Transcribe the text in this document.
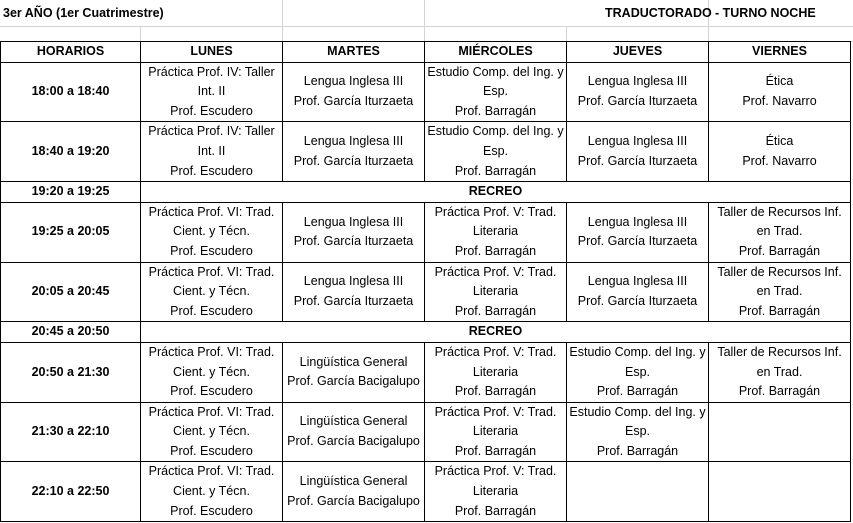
3er AÑO (1er Cuatrimestre)	TRADUCTORADO - TURNO NOCHE
HORARIOS	LUNES	MARTES	MIÉRCOLES	JUEVES	VIERNES
18:00 a 18:40	Práctica Prof. IV: Taller
Int. II
Prof. Escudero	Lengua Inglesa III
Prof. García Iturzaeta	Estudio Comp. del Ing. y
Esp.
Prof. Barragán	Lengua Inglesa III
Prof. García Iturzaeta	Ética
Prof. Navarro

18:40 a 19:20	Práctica Prof. IV: Taller
Int. II
Prof. Escudero	Lengua Inglesa III
Prof. García Iturzaeta	Estudio Comp. del Ing. y
Esp.
Prof. Barragán	Lengua Inglesa III
Prof. García Iturzaeta	Ética
Prof. Navarro

19:20 a 19:25	RECREO				
19:25 a 20:05	Práctica Prof. VI: Trad.
Cient. y Técn.
Prof. Escudero	Lengua Inglesa III
Prof. García Iturzaeta	Práctica Prof. V: Trad.
Literaria
Prof. Barragán	Lengua Inglesa III
Prof. García Iturzaeta	Taller de Recursos Inf.
en Trad.
Prof. Barragán

20:05 a 20:45	Práctica Prof. VI: Trad.
Cient. y Técn.
Prof. Escudero	Lengua Inglesa III
Prof. García Iturzaeta	Práctica Prof. V: Trad.
Literaria
Prof. Barragán	Lengua Inglesa III
Prof. García Iturzaeta	Taller de Recursos Inf.
en Trad.
Prof. Barragán

20:45 a 20:50	RECREO				
20:50 a 21:30	Práctica Prof. VI: Trad.
Cient. y Técn.
Prof. Escudero	Lingüística General
Prof. García Bacigalupo	Práctica Prof. V: Trad.
Literaria
Prof. Barragán	Estudio Comp. del Ing. y
Esp.
Prof. Barragán	Taller de Recursos Inf.
en Trad.
Prof. Barragán

21:30 a 22:10	Práctica Prof. VI: Trad.
Cient. y Técn.
Prof. Escudero	Lingüística General
Prof. García Bacigalupo	Práctica Prof. V: Trad.
Literaria
Prof. Barragán	Estudio Comp. del Ing. y
Esp.
Prof. Barragán	

22:10 a 22:50	Práctica Prof. VI: Trad.
Cient. y Técn.
Prof. Escudero	Lingüística General
Prof. García Bacigalupo	Práctica Prof. V: Trad.
Literaria
Prof. Barragán		
